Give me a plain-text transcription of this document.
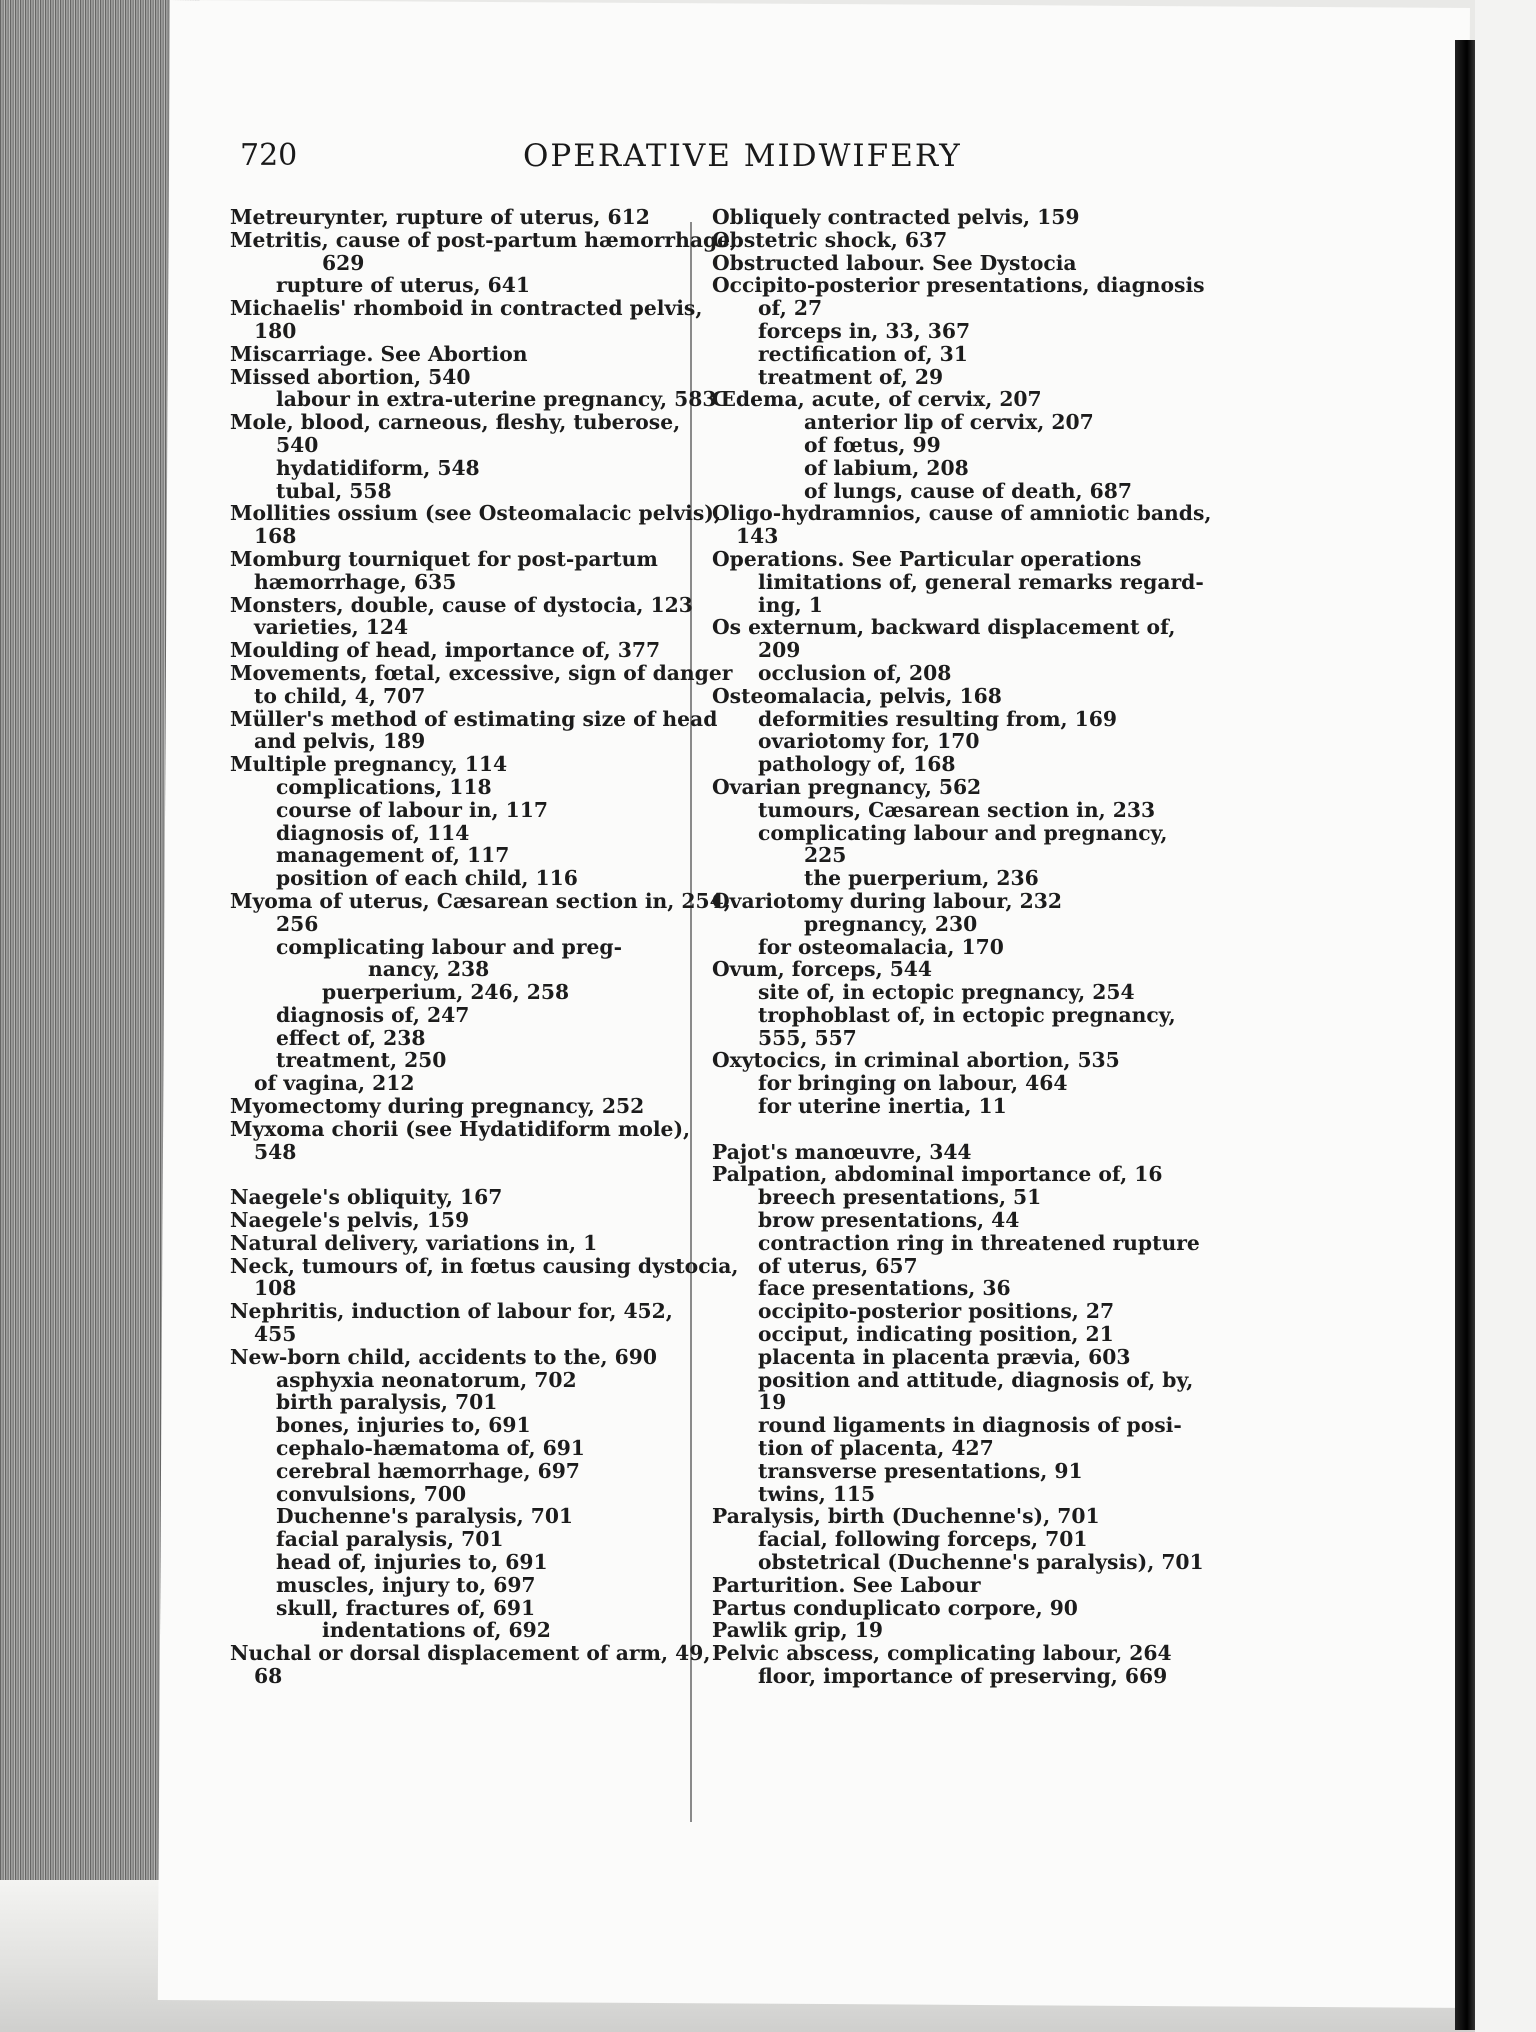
720	OPERATIVE MIDWIFERY
Metreurynter, rupture of uterus, 612
Metritis, cause of post-partum hæmorrhage,
629
rupture of uterus, 641
Michaelis' rhomboid in contracted pelvis,
180
Miscarriage. See Abortion
Missed abortion, 540
labour in extra-uterine pregnancy, 583
Mole, blood, carneous, fleshy, tuberose,
540
hydatidiform, 548
tubal, 558
Mollities ossium (see Osteomalacic pelvis),
168
Momburg tourniquet for post-partum
hæmorrhage, 635
Monsters, double, cause of dystocia, 123
varieties, 124
Moulding of head, importance of, 377
Movements, fœtal, excessive, sign of danger
to child, 4, 707
Müller's method of estimating size of head
and pelvis, 189
Multiple pregnancy, 114
complications, 118
course of labour in, 117
diagnosis of, 114
management of, 117
position of each child, 116
Myoma of uterus, Cæsarean section in, 254,
256
complicating labour and preg-
nancy, 238
puerperium, 246, 258
diagnosis of, 247
effect of, 238
treatment, 250
of vagina, 212
Myomectomy during pregnancy, 252
Myxoma chorii (see Hydatidiform mole),
548
Naegele's obliquity, 167
Naegele's pelvis, 159
Natural delivery, variations in, 1
Neck, tumours of, in fœtus causing dystocia,
108
Nephritis, induction of labour for, 452,
455
New-born child, accidents to the, 690
asphyxia neonatorum, 702
birth paralysis, 701
bones, injuries to, 691
cephalo-hæmatoma of, 691
cerebral hæmorrhage, 697
convulsions, 700
Duchenne's paralysis, 701
facial paralysis, 701
head of, injuries to, 691
muscles, injury to, 697
skull, fractures of, 691
indentations of, 692
Nuchal or dorsal displacement of arm, 49,
68
Obliquely contracted pelvis, 159
Obstetric shock, 637
Obstructed labour. See Dystocia
Occipito-posterior presentations, diagnosis
of, 27
forceps in, 33, 367
rectification of, 31
treatment of, 29
Œdema, acute, of cervix, 207
anterior lip of cervix, 207
of fœtus, 99
of labium, 208
of lungs, cause of death, 687
Oligo-hydramnios, cause of amniotic bands,
143
Operations. See Particular operations
limitations of, general remarks regard-
ing, 1
Os externum, backward displacement of,
209
occlusion of, 208
Osteomalacia, pelvis, 168
deformities resulting from, 169
ovariotomy for, 170
pathology of, 168
Ovarian pregnancy, 562
tumours, Cæsarean section in, 233
complicating labour and pregnancy,
225
the puerperium, 236
Ovariotomy during labour, 232
pregnancy, 230
for osteomalacia, 170
Ovum, forceps, 544
site of, in ectopic pregnancy, 254
trophoblast of, in ectopic pregnancy,
555, 557
Oxytocics, in criminal abortion, 535
for bringing on labour, 464
for uterine inertia, 11
Pajot's manœuvre, 344
Palpation, abdominal importance of, 16
breech presentations, 51
brow presentations, 44
contraction ring in threatened rupture
of uterus, 657
face presentations, 36
occipito-posterior positions, 27
occiput, indicating position, 21
placenta in placenta prævia, 603
position and attitude, diagnosis of, by,
19
round ligaments in diagnosis of posi-
tion of placenta, 427
transverse presentations, 91
twins, 115
Paralysis, birth (Duchenne's), 701
facial, following forceps, 701
obstetrical (Duchenne's paralysis), 701
Parturition. See Labour
Partus conduplicato corpore, 90
Pawlik grip, 19
Pelvic abscess, complicating labour, 264
floor, importance of preserving, 669
